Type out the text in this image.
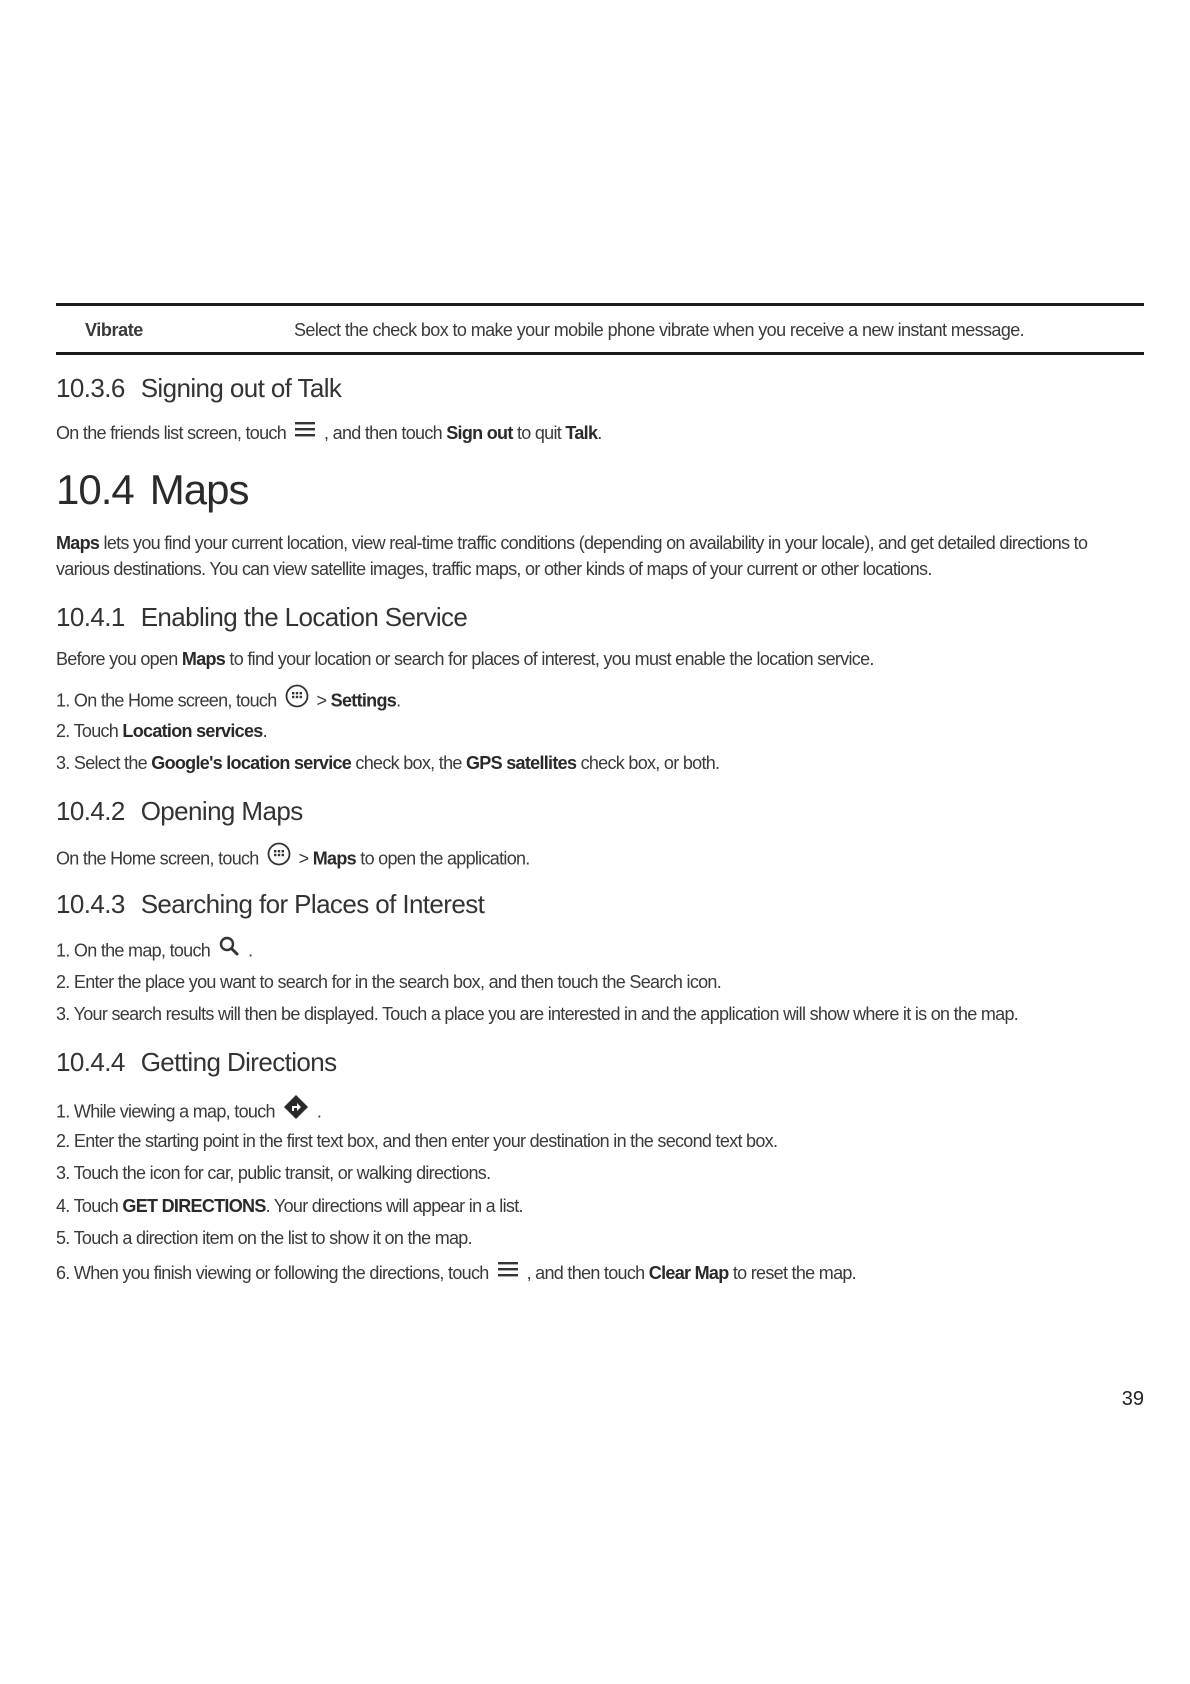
Vibrate	Select the check box to make your mobile phone vibrate when you receive a new instant message.
10.3.6 Signing out of Talk
On the friends list screen, touch , and then touch Sign out to quit Talk.
10.4 Maps
Maps lets you find your current location, view real-time traffic conditions (depending on availability in your locale), and get detailed directions to various destinations. You can view satellite images, traffic maps, or other kinds of maps of your current or other locations.
10.4.1 Enabling the Location Service
Before you open Maps to find your location or search for places of interest, you must enable the location service.
1. On the Home screen, touch > Settings.
2. Touch Location services.
3. Select the Google's location service check box, the GPS satellites check box, or both.
10.4.2 Opening Maps
On the Home screen, touch > Maps to open the application.
10.4.3 Searching for Places of Interest
1. On the map, touch .
2. Enter the place you want to search for in the search box, and then touch the Search icon.
3. Your search results will then be displayed. Touch a place you are interested in and the application will show where it is on the map.
10.4.4 Getting Directions
1. While viewing a map, touch .
2. Enter the starting point in the first text box, and then enter your destination in the second text box.
3. Touch the icon for car, public transit, or walking directions.
4. Touch GET DIRECTIONS. Your directions will appear in a list.
5. Touch a direction item on the list to show it on the map.
6. When you finish viewing or following the directions, touch , and then touch Clear Map to reset the map.
39
